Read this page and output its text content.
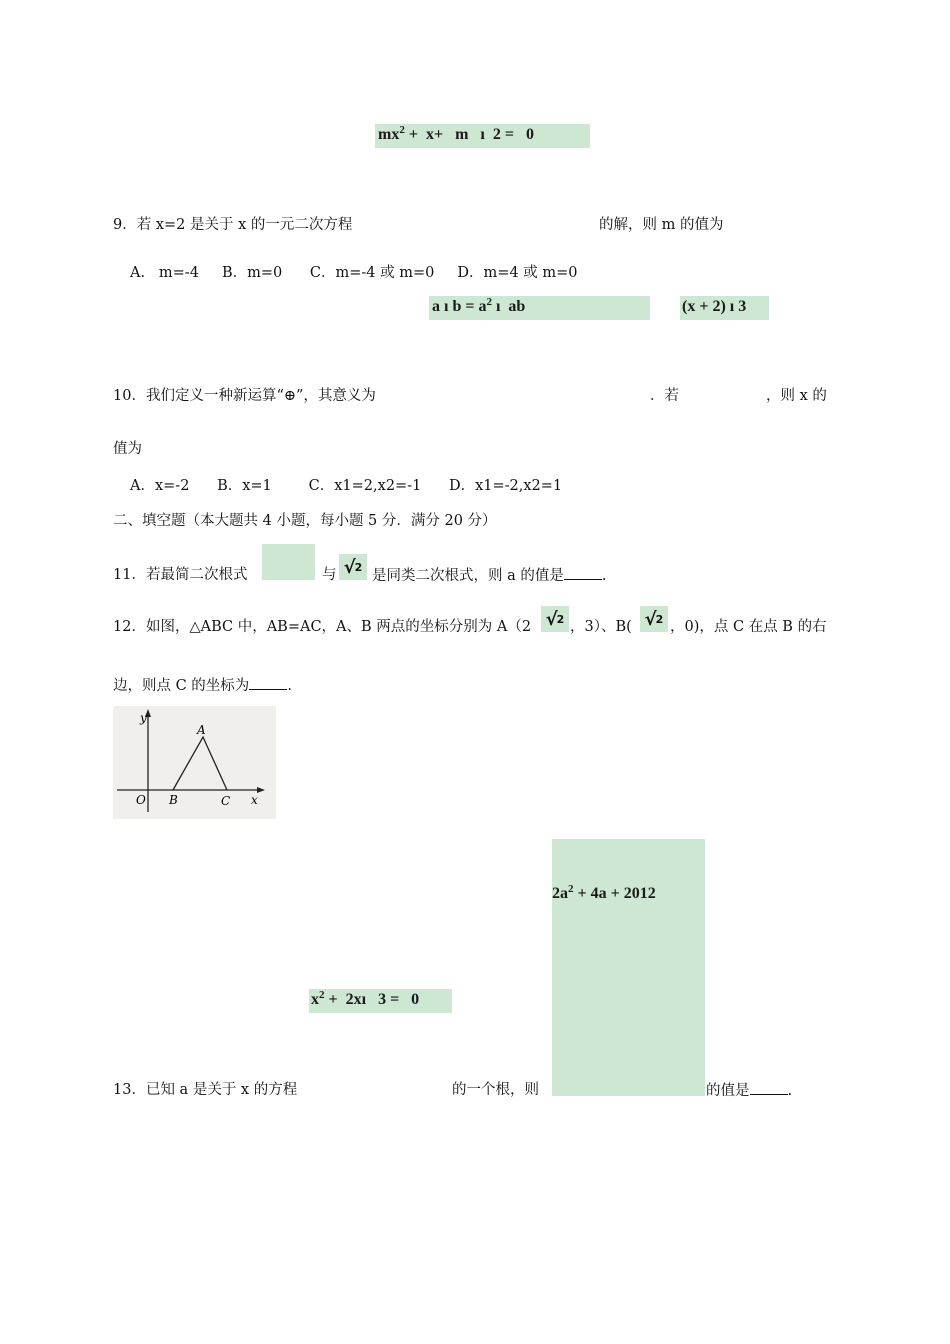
$mx^2 + x+ m$   ı  2 =   0
9．若 x=2 是关于 x 的一元二次方程	的解，则 m 的值为
A.   m=-4     B．m=0      C．m=-4 或 m=0     D．m=4 或 m=0
a ı $b = a^2$ ı  ab	(x + 2) ı 3
10．我们定义一种新运算“⊕”，其意义为	．若	，则 x 的
值为
A．x=-2      B．x=1        C．x1=2,x2=-1      D．x1=-2,x2=1
二、填空题（本大题共 4 小题，每小题 5 分．满分 20 分）
11．若最简二次根式	与 √ 2
是同类二次根式，则 a 的值是	.
12．如图，△ABC 中，AB=AC，A、B 两点的坐标分别为 A（2 √ 2 ，3）、B( √ 2 ，0)，点 C 在点 B 的右
边，则点 C 的坐标为	.
y
x
O
A
B	C
$2a^2 + 4a + 2012$
$x^2$ +  2xı   3 =   0
13．已知 a 是关于 x 的方程	的一个根，则	的值是	.
